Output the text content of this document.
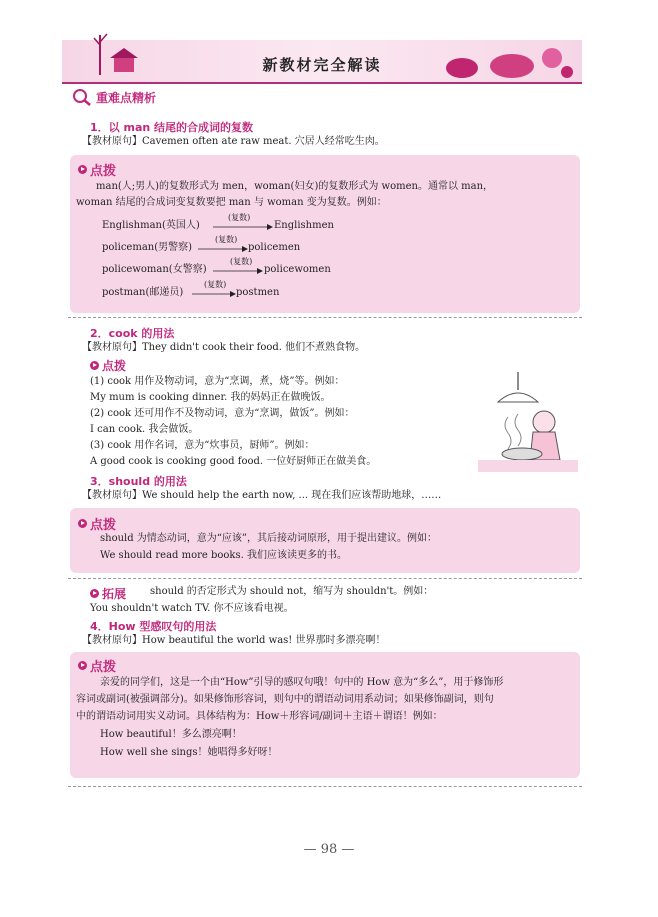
新教材完全解读
重难点精析
1．以 man 结尾的合成词的复数
【教材原句】Cavemen often ate raw meat. 穴居人经常吃生肉。
点拨
man(人;男人)的复数形式为 men，woman(妇女)的复数形式为 women。通常以 man，
woman 结尾的合成词变复数要把 man 与 woman 变为复数。例如：
Englishman(英国人)
(复数)
Englishmen
policeman(男警察)
(复数)
policemen
policewoman(女警察)
(复数)
policewomen
postman(邮递员)
(复数)
postmen
2．cook 的用法
【教材原句】They didn't cook their food. 他们不煮熟食物。
点拨
(1) cook 用作及物动词，意为“烹调，煮，烧”等。例如：
My mum is cooking dinner. 我的妈妈正在做晚饭。
(2) cook 还可用作不及物动词，意为“烹调，做饭”。例如：
I can cook. 我会做饭。
(3) cook 用作名词，意为“炊事员，厨师”。例如：
A good cook is cooking good food. 一位好厨师正在做美食。
3．should 的用法
【教材原句】We should help the earth now, ... 现在我们应该帮助地球，……
点拨
should 为情态动词，意为“应该”，其后接动词原形，用于提出建议。例如：
We should read more books. 我们应该读更多的书。
拓展 should 的否定形式为 should not，缩写为 shouldn't。例如：
You shouldn't watch TV. 你不应该看电视。
4．How 型感叹句的用法
【教材原句】How beautiful the world was! 世界那时多漂亮啊！
点拨
亲爱的同学们，这是一个由“How”引导的感叹句哦！句中的 How 意为“多么”，用于修饰形
容词或副词(被强调部分)。如果修饰形容词，则句中的谓语动词用系动词；如果修饰副词，则句
中的谓语动词用实义动词。具体结构为：How＋形容词/副词＋主语＋谓语！例如：
How beautiful！多么漂亮啊！
How well she sings！她唱得多好呀！
— 98 —
